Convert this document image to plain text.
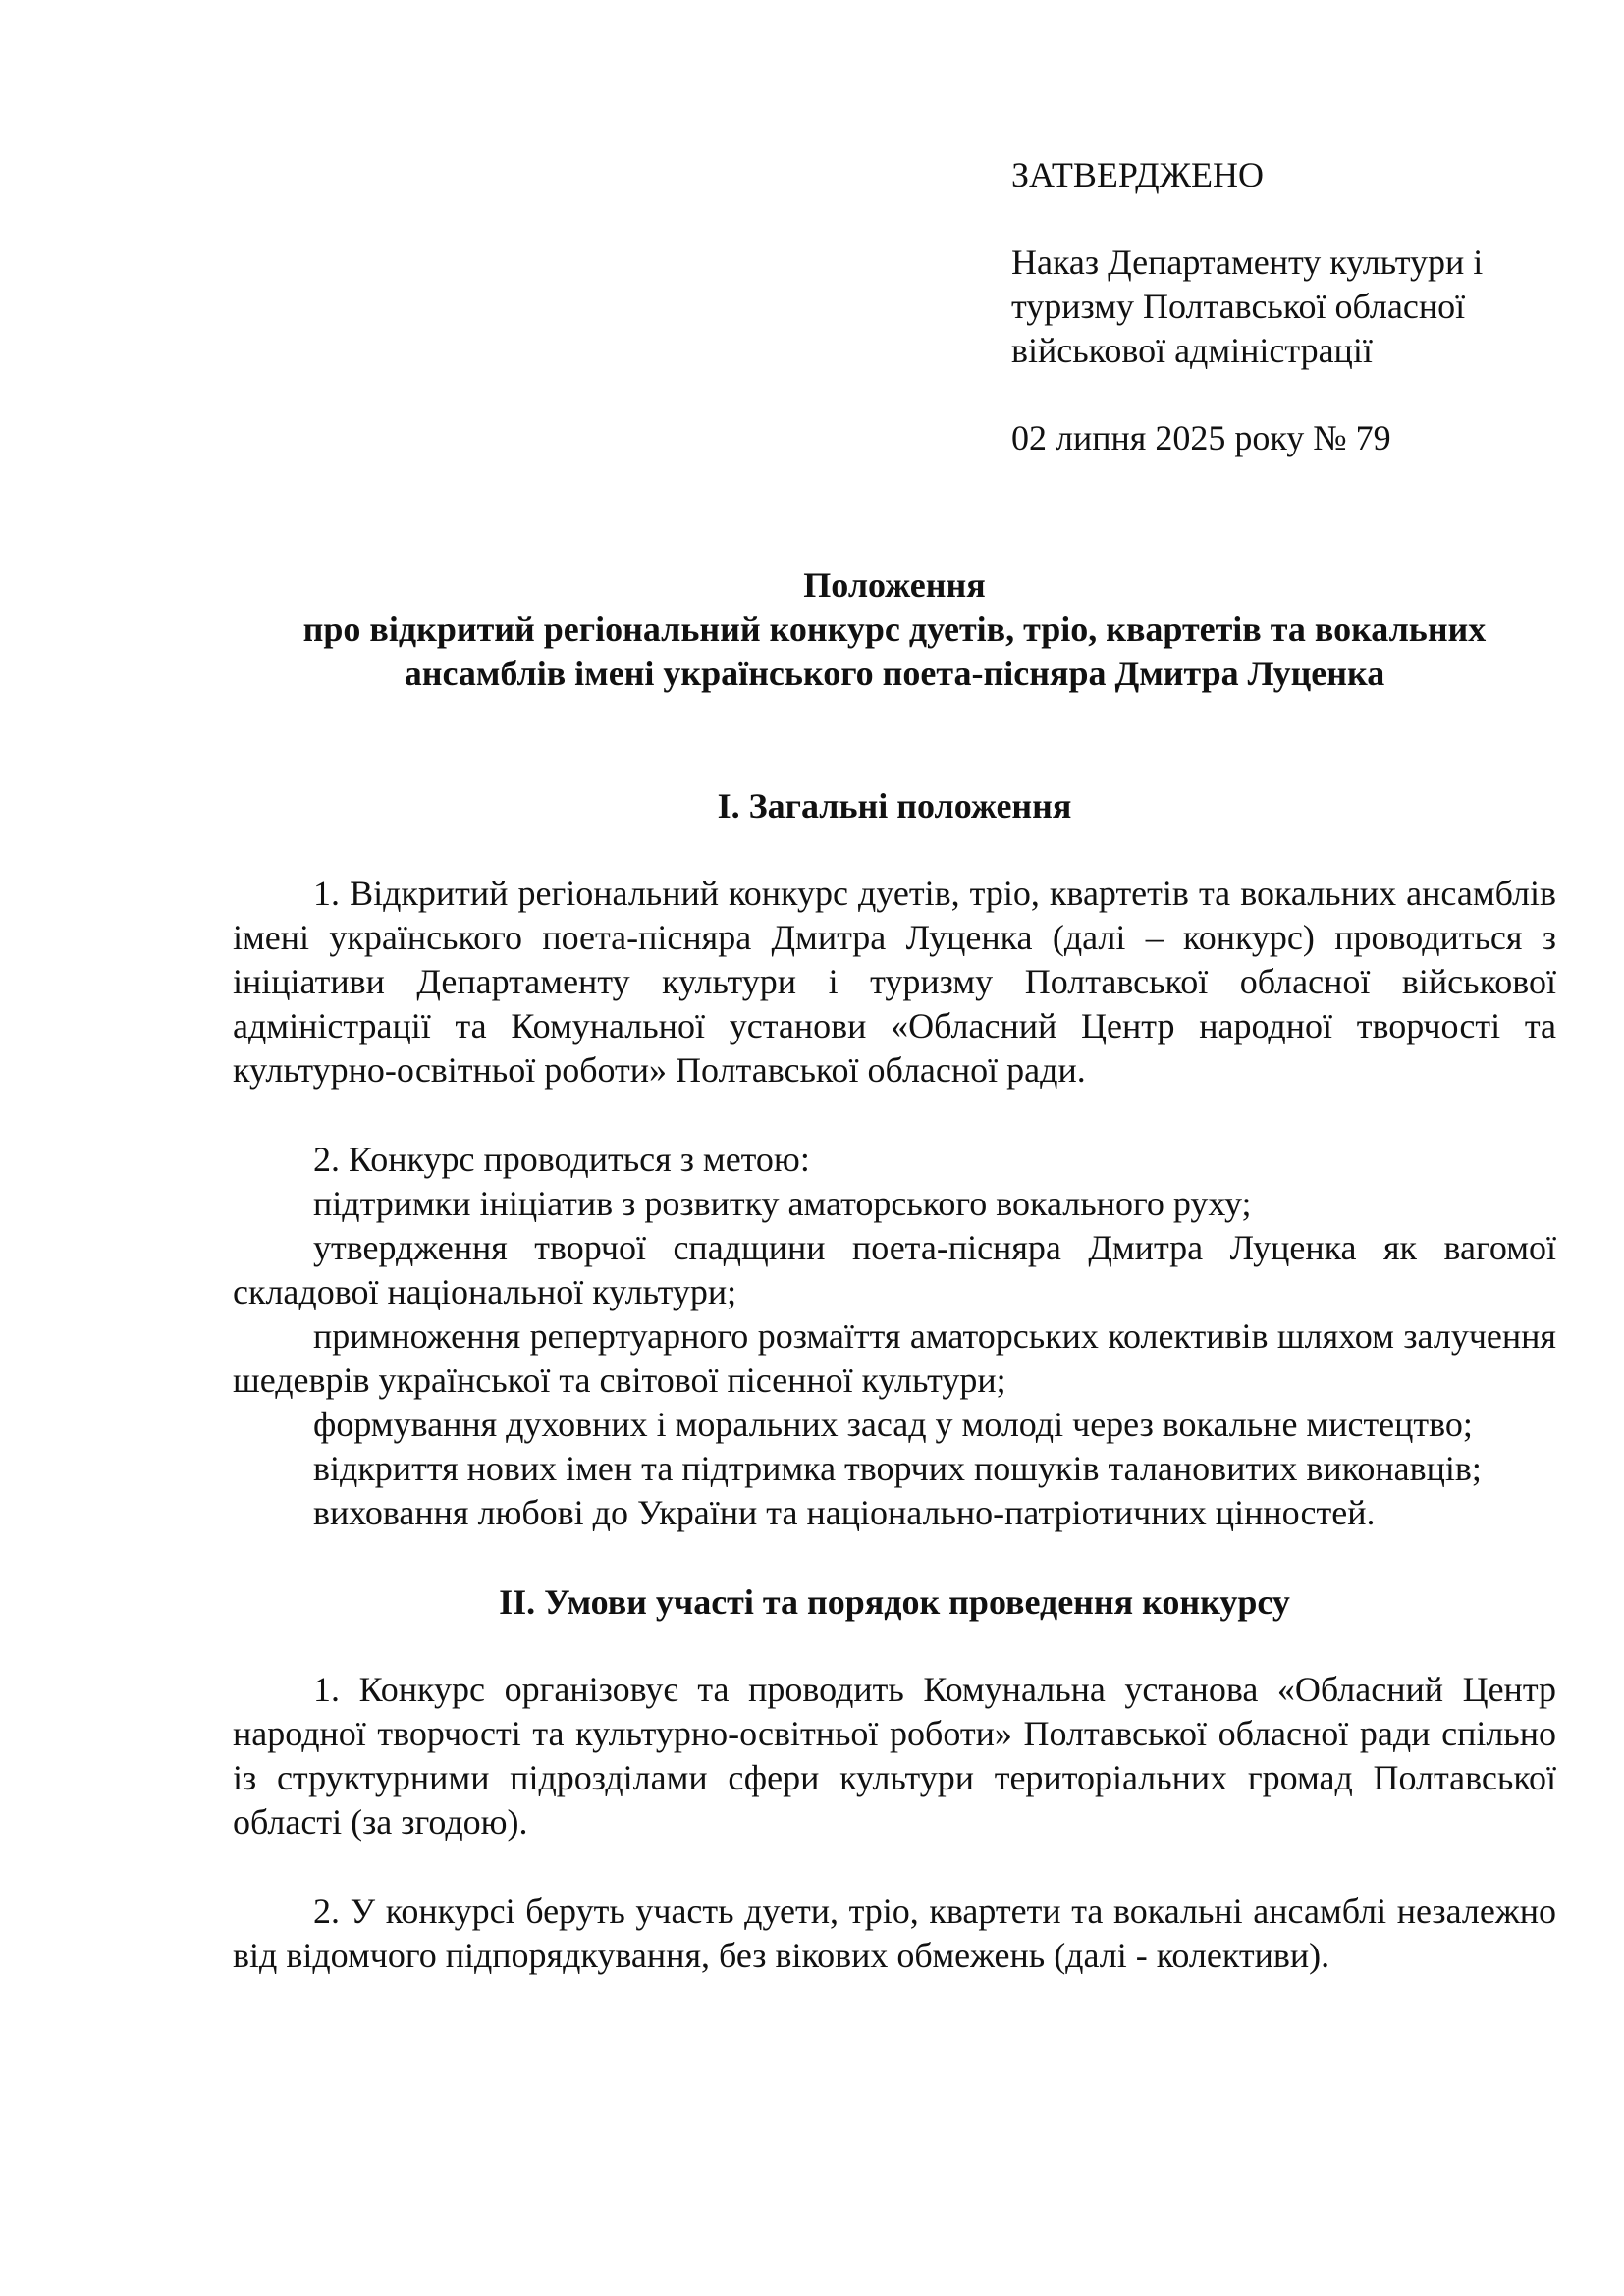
ЗАТВЕРДЖЕНО

Наказ Департаменту культури і

туризму Полтавської обласної

військової адміністрації

02 липня 2025 року № 79

Положення
про відкритий регіональний конкурс дуетів, тріо, квартетів та вокальних
ансамблів імені українського поета-пісняра Дмитра Луценка

І. Загальні положення

1. Відкритий регіональний конкурс дуетів, тріо, квартетів та вокальних ансамблів імені українського поета-пісняра Дмитра Луценка (далі – конкурс) проводиться з ініціативи Департаменту культури і туризму Полтавської обласної військової адміністрації та Комунальної установи «Обласний Центр народної творчості та культурно-освітньої роботи» Полтавської обласної ради.

2. Конкурс проводиться з метою:

підтримки ініціатив з розвитку аматорського вокального руху;

утвердження творчої спадщини поета-пісняра Дмитра Луценка як вагомої складової національної культури;

примноження репертуарного розмаїття аматорських колективів шляхом залучення шедеврів української та світової пісенної культури;

формування духовних і моральних засад у молоді через вокальне мистецтво;

відкриття нових імен та підтримка творчих пошуків талановитих виконавців;

виховання любові до України та національно-патріотичних цінностей.

ІІ. Умови участі та порядок проведення конкурсу

1. Конкурс організовує та проводить Комунальна установа «Обласний Центр народної творчості та культурно-освітньої роботи» Полтавської обласної ради спільно із структурними підрозділами сфери культури територіальних громад Полтавської області (за згодою).

2. У конкурсі беруть участь дуети, тріо, квартети та вокальні ансамблі незалежно від відомчого підпорядкування, без вікових обмежень (далі - колективи).
